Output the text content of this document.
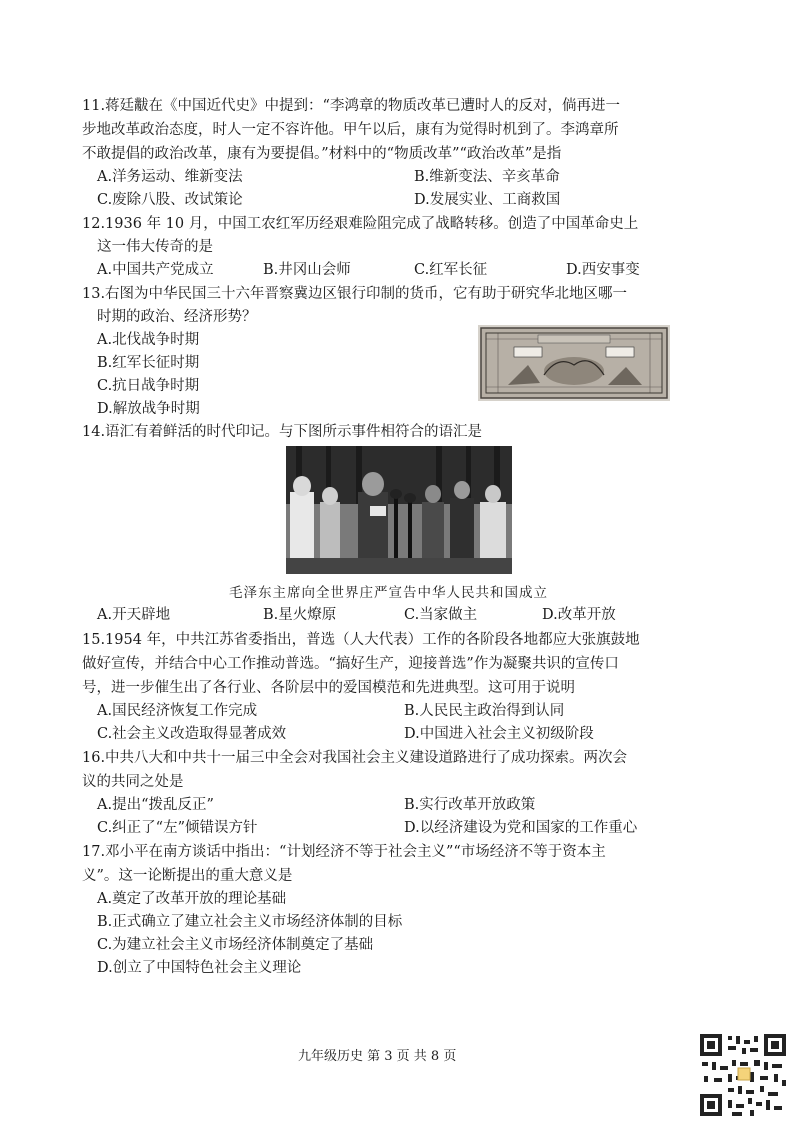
11.蒋廷黻在《中国近代史》中提到：“李鸿章的物质改革已遭时人的反对，倘再进一
步地改革政治态度，时人一定不容许他。甲午以后，康有为觉得时机到了。李鸿章所
不敢提倡的政治改革，康有为要提倡。”材料中的“物质改革”“政治改革”是指
A.洋务运动、维新变法	B.维新变法、辛亥革命
C.废除八股、改试策论	D.发展实业、工商救国
12.1936 年 10 月，中国工农红军历经艰难险阻完成了战略转移。创造了中国革命史上
这一伟大传奇的是
A.中国共产党成立	B.井冈山会师	C.红军长征	D.西安事变
13.右图为中华民国三十六年晋察冀边区银行印制的货币，它有助于研究华北地区哪一
时期的政治、经济形势？
A.北伐战争时期
B.红军长征时期
C.抗日战争时期
D.解放战争时期
14.语汇有着鲜活的时代印记。与下图所示事件相符合的语汇是
毛泽东主席向全世界庄严宣告中华人民共和国成立
A.开天辟地	B.星火燎原	C.当家做主	D.改革开放
15.1954 年，中共江苏省委指出，普选（人大代表）工作的各阶段各地都应大张旗鼓地
做好宣传，并结合中心工作推动普选。“搞好生产，迎接普选”作为凝聚共识的宣传口
号，进一步催生出了各行业、各阶层中的爱国模范和先进典型。这可用于说明
A.国民经济恢复工作完成	B.人民民主政治得到认同
C.社会主义改造取得显著成效	D.中国进入社会主义初级阶段
16.中共八大和中共十一届三中全会对我国社会主义建设道路进行了成功探索。两次会
议的共同之处是
A.提出“拨乱反正”	B.实行改革开放政策
C.纠正了“左”倾错误方针	D.以经济建设为党和国家的工作重心
17.邓小平在南方谈话中指出：“计划经济不等于社会主义”“市场经济不等于资本主
义”。这一论断提出的重大意义是
A.奠定了改革开放的理论基础
B.正式确立了建立社会主义市场经济体制的目标
C.为建立社会主义市场经济体制奠定了基础
D.创立了中国特色社会主义理论
九年级历史 第 3 页 共 8 页
